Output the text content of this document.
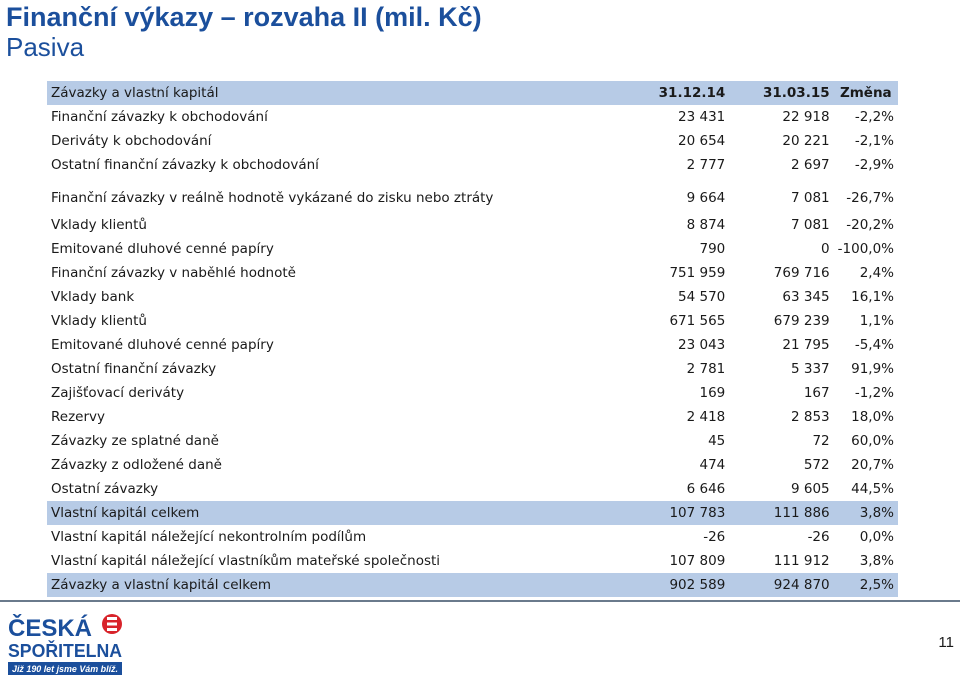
Finanční výkazy – rozvaha II (mil. Kč)
Pasiva
Závazky a vlastní kapitál	31.12.14	31.03.15	Změna
Finanční závazky k obchodování	23 431	22 918	-2,2%
Deriváty k obchodování	20 654	20 221	-2,1%
Ostatní finanční závazky k obchodování	2 777	2 697	-2,9%
Finanční závazky v reálně hodnotě vykázané do zisku nebo ztráty	9 664	7 081	-26,7%
Vklady klientů	8 874	7 081	-20,2%
Emitované dluhové cenné papíry	790	0	-100,0%
Finanční závazky v naběhlé hodnotě	751 959	769 716	2,4%
Vklady bank	54 570	63 345	16,1%
Vklady klientů	671 565	679 239	1,1%
Emitované dluhové cenné papíry	23 043	21 795	-5,4%
Ostatní finanční závazky	2 781	5 337	91,9%
Zajišťovací deriváty	169	167	-1,2%
Rezervy	2 418	2 853	18,0%
Závazky ze splatné daně	45	72	60,0%
Závazky z odložené daně	474	572	20,7%
Ostatní závazky	6 646	9 605	44,5%
Vlastní kapitál celkem	107 783	111 886	3,8%
Vlastní kapitál náležející nekontrolním podílům	-26	-26	0,0%
Vlastní kapitál náležející vlastníkům mateřské společnosti	107 809	111 912	3,8%
Závazky a vlastní kapitál celkem	902 589	924 870	2,5%
ČESKÁ
SPOŘITELNA
Již 190 let jsme Vám blíž.
11
